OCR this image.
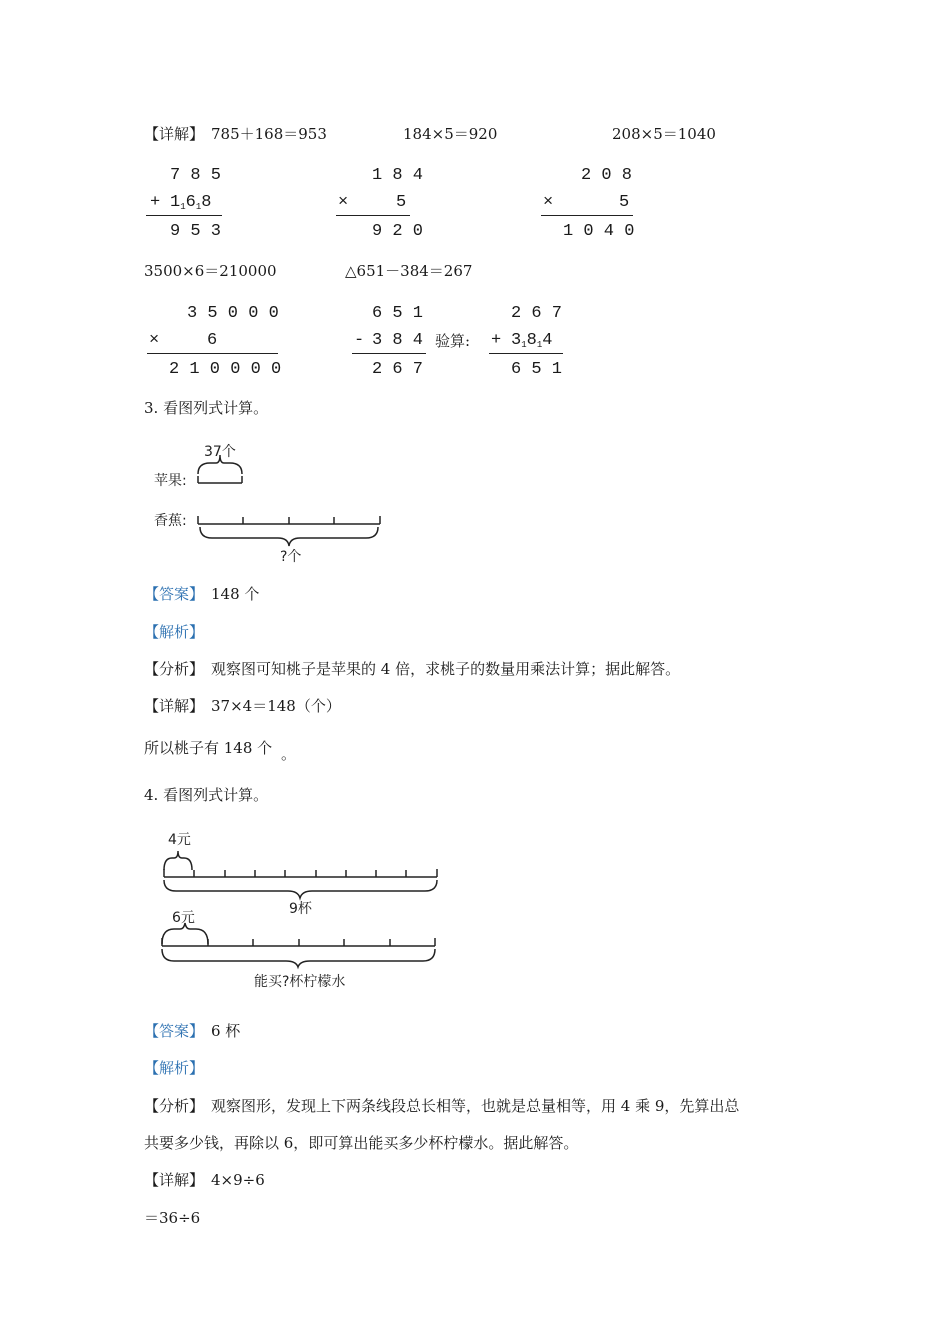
【详解】 785＋168＝953	184×5＝920	208×5＝1040
7 8 5
+ $1_16_18$
9 5 3
1 8 4
×	5
9 2 0
2 0 8
×	5
1 0 4 0
3500×6＝210000	△651－384＝267
3 5 0 0 0
×	6
2 1 0 0 0 0
6 5 1
- 3 8 4
2 6 7
验算:
2 6 7
+ $3_18_14$
6 5 1
3. 看图列式计算。
37个
苹果:
香蕉:
?个
【答案】 148 个
【解析】
【分析】 观察图可知桃子是苹果的 4 倍，求桃子的数量用乘法计算；据此解答。
【详解】 37×4＝148（个）
所以桃子有 148 个 。
4. 看图列式计算。
4元
9杯
6元
能买?杯柠檬水
【答案】 6 杯
【解析】
【分析】 观察图形，发现上下两条线段总长相等，也就是总量相等，用 4 乘 9，先算出总
共要多少钱，再除以 6，即可算出能买多少杯柠檬水。据此解答。
【详解】 4×9÷6
＝36÷6
